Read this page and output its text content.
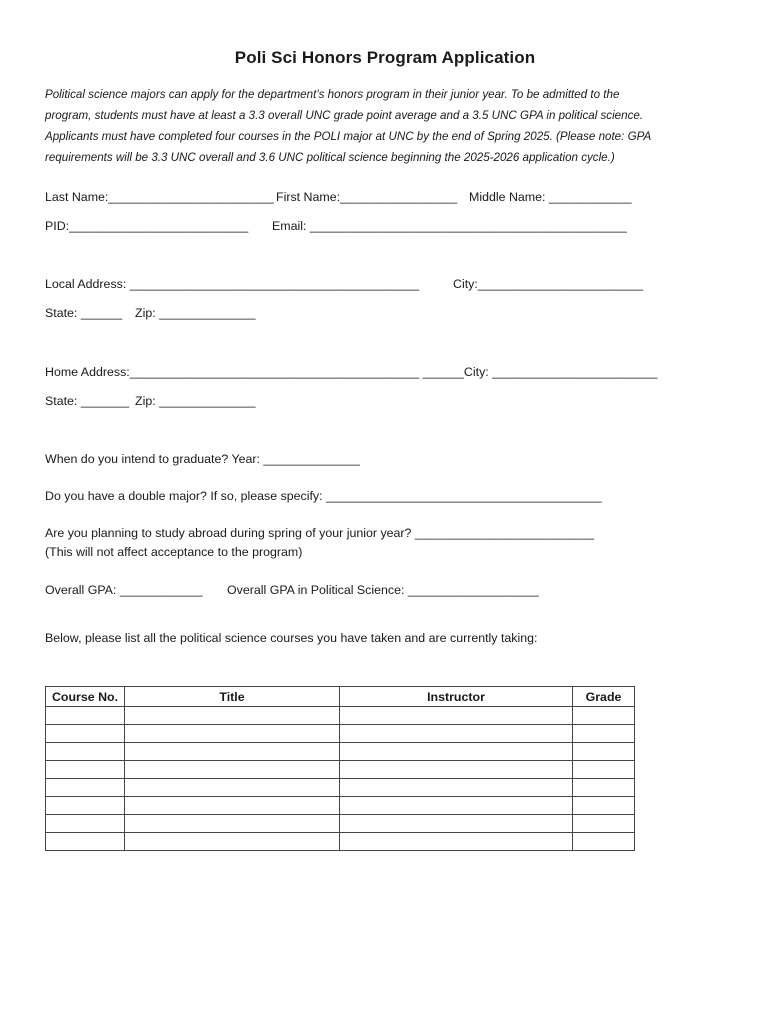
Poli Sci Honors Program Application
Political science majors can apply for the department’s honors program in their junior year. To be admitted to the
program, students must have at least a 3.3 overall UNC grade point average and a 3.5 UNC GPA in political science.
Applicants must have completed four courses in the POLI major at UNC by the end of Spring 2025. (Please note: GPA
requirements will be 3.3 UNC overall and 3.6 UNC political science beginning the 2025-2026 application cycle.)
Last Name:________________________ First Name:_________________ Middle Name: ____________
PID:__________________________ Email: ______________________________________________
Local Address: __________________________________________	City:________________________
State: ______ Zip: ______________
Home Address:__________________________________________ ______City: ________________________
State: _______ Zip: ______________
When do you intend to graduate? Year: ______________
Do you have a double major? If so, please specify: ________________________________________
Are you planning to study abroad during spring of your junior year? __________________________
(This will not affect acceptance to the program)
Overall GPA: ____________ Overall GPA in Political Science: ___________________
Below, please list all the political science courses you have taken and are currently taking:
Course No.	Title	Instructor	Grade
